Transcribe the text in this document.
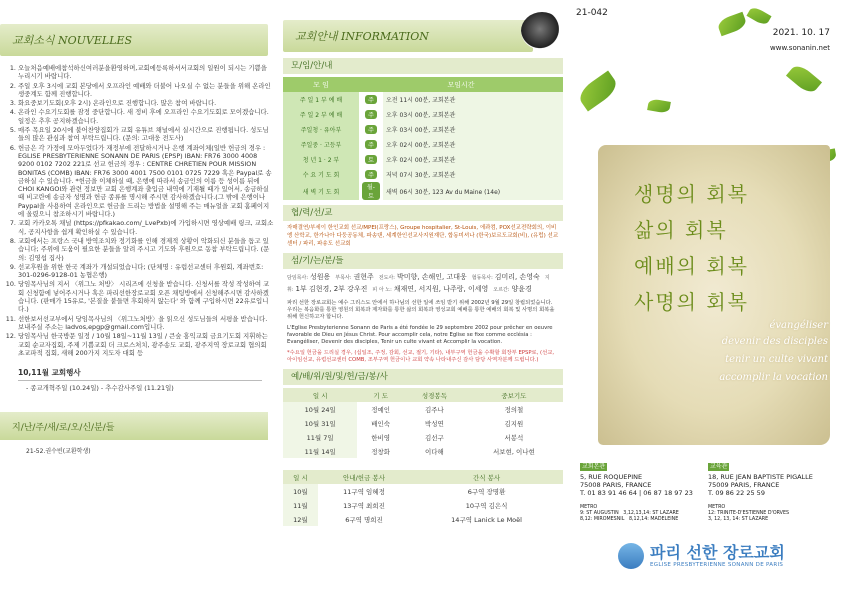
교회소식 NOUVELLES
1. 오늘처음예배에참석하신여러분을환영하며,교회에등록하셔서교회의 일원이 되시는 기쁨을 누리시기 바랍니다.
2. 주일 오후 3시에 교회 본당에서 오프라인 예배와 더불어 나오실 수 없는 분들을 위해 온라인 생중계도 함께 진행합니다.
3. 화요중보기도회(오후 2시) 온라인으로 진행합니다. 많은 참여 바랍니다.
4. 온라인 수요기도회를 잠정 중단합니다. 새 정비 후에 오프라인 수요기도회로 모이겠습니다. 일정은 추후 공지하겠습니다.
5. 매주 목요일 20시에 불어찬양집회가 교회 유튜브 채널에서 실시간으로 진행됩니다. 성도님들의 많은 관심과 참여 부탁드립니다. (문의: 고대웅 전도사)
6. 헌금은 각 가정에 모아두었다가 재정부에 전달하시거나 은행 계좌이체(일반 헌금의 경우 : EGLISE PRESBYTERIENNE SONANN DE PARIS (EPSP) IBAN: FR76 3000 4008 9200 0102 7202 221로 선교 헌금의 경우 : CENTRE CHRETIEN POUR MISSION BONITAS (COMB) IBAN: FR76 3000 4001 7500 0101 0725 7229 혹은 Paypal로 송금하실 수 있습니다. *헌금을 이체하실 때, 은행에 따라서 송금인의 이름 등 성이름 뒤에 CHOI KANGOI와 관련 정보만 교회 은행계좌 출입금 내역에 기재될 때가 있어서, 송금하실 때 비고란에 송금자 성명과 헌금 종류를 명시해 주시면 감사하겠습니다.(그 밖에 은행이나 Paypal을 사용하여 온라인으로 헌금을 드리는 방법을 설명해 주는 매뉴얼을 교회 홈페이지에 올렸으니 참조하시기 바랍니다.)
7. 교회 카카오톡 채널 (https://pfkakao.com/_LvePxb)에 가입하시면 영상예배 링크, 교회소식, 공지사항을 쉽게 확인하실 수 있습니다.
8. 교회에서는 프랑스 국내 방역조치와 정기화를 인해 경제적 상황이 악화되신 분들을 돕고 있습니다; 주위에 도움이 필요한 분들을 알려 주시고 기도와 후원으로 동참 부탁드립니다. (문의: 김영섭 집사)
9. 선교후원을 위한 한국 계좌가 개설되었습니다; (단체명 : 유럽선교센터 후원회, 계좌번호: 301-0296-9128-01 농협은행)
10. 당임목사님의 지서 〈위그노 처방〉 시리즈에 신청을 받습니다. 신청서를 작성 작성하여 교회 신청함에 넣어주시거나 혹은 파리선한장로교회 오픈 채팅방에서 신청해주시면 감사하겠습니다. (판매가 15유로, '본질을 붙들면 후회하지 않는다' 와 함께 구입하시면 22유로입니다.)
11. 선한보서선교부에서 당임목사님의 〈위그노처방〉을 읽으신 성도님들의 서평을 받습니다. 보내주실 주소는 ladvos,epgp@gmail.com입니다.
12. 당임목사님 한국방문 일정 / 10월 18일~11월 13일 / 큰숲 홍익교회 금요기도회 지휘하는 교회 순교자집회, 주제 기쁨교회 더 크로스처치, 광주송도 교회, 광주지역 장로교회 협의회 초교파적 집회, 새해 200가지 지도자 대회 등
10,11월 교회행사
- 종교개혁주일 (10.24일) - 추수감사주일 (11.21일)
지/난/주/새/로/오/신/분/들
21-52.권수빈(교환학생)
교회안내 INFORMATION
모/임/안/내
모 임	모임시간	
주 일 1 부 예 배	주	오전 11시 00분, 교회본관
주 일 2 부 예 배	주	오후 03시 00분, 교회본관
주일청 · 유아부	주	오후 03시 00분, 교회본관
주일중 · 고등부	주	오후 02시 00분, 교회본관
청 년 1 · 2 부	토	오후 02시 00분, 교회본관
수 요 기 도 회	주	저녁 07시 30분, 교회본관
새 벽 기 도 회	월-토	새벽 06시 30분, 123 Av du Maine (14e)
협/력/선/교
자매결연/부세이 한인교회 선교/MPEI(프랑스), Groupe hospitalier, St-Louis, 에콰컴, POX선교전략회의, 이비엥 산학교, 한가나아 다둥공동체, 파송댄, 세계한인선교사지원재단, 합동미셔나 (한국)보르도교회(비), (유럽) 선교센터 / 파리, 파송도 선교회
섬/기/는/분/들
담임목사: 성원용 부목사: 권현주 전도사: 박미향, 손해인, 고대웅 협동목사: 김미리, 손영숙 지 휘: 1부 김현경, 2부 강우진 피 아 노: 채재연, 서지원, 나주랑, 이세영 오르간: 양윤경
파리 선한 장로교회는 예수 그리스도 안에서 하나님의 선한 일에 쓰임 받기 위해 2002년 9월 29일 창립되었습니다. 우리는 복음화를 통한 영원의 회복과 제자화를 통한 삶의 회복과 영성교회 예배를 통한 예배의 회복 및 사명의 회복을 위해 헌신하고자 합니다.
L'Eglise Presbyterienne Sonann de Paris a été fondée le 29 septembre 2002 pour prêcher en oeuvre favorable de Dieu en Jésus Christ. Pour accomplir cela, notre Eglise se fixe comme ecclésia : Evangéliser, Devenir des disciples, Tenir un culte vivant et Accomplir la vocation.
*수요일 헌금을 드리실 경우, (십일조, 주정, 감회, 선교, 절기, 기타), 내부구역 헌금을 수확할 회장부 EPSP로, (선교, 아이임선교, 유럽선교센터 COMB, 조부구역 헌금이나 교회 약속 나타내주신 감사 담당 사역자분께 드립니다.)
예/배/위/원/및/헌/금/봉/사
일 시	기 도	성경봉독	중보기도
10월 24일	정예인	김주나	정의철
10월 31일	배인숙	박성연	김지원
11월 7일	한비영	김선구	서봉석
11월 14일	정창화	이다해	서보현, 이나현
일 시	안내/헌금 봉사	간식 봉사
10월	11구역 임혜정	6구역 장명환
11월	13구역 최희진	10구역 김은식
12월	6구역 명희진	14구역 Lanick Le Moël
21-042
2021. 10. 17
www.sonanin.net
생명의 회복
삶의 회복
예배의 회복
사명의 회복
évangéliser
devenir des disciples
tenir un culte vivant
accomplir la vocation
교회본관
5, RUE ROQUEPINE
75008 PARIS, FRANCE
T. 01 83 91 46 64 | 06 87 18 97 23
METRO
9: ST AUGUSTIN   3,12,13,14: ST LAZARE
8,12: MIROMESNIL   8,12,14: MADELEINE
교육관
18, RUE JEAN BAPTISTE PIGALLE
75009 PARIS, FRANCE
T. 09 86 22 25 59
METRO
12: TRINITE-D'ESTIENNE D'ORVES
3, 12, 13, 14: ST LAZARE
파리 선한 장로교회
EGLISE PRESBYTERIENNE SONANN DE PARIS
